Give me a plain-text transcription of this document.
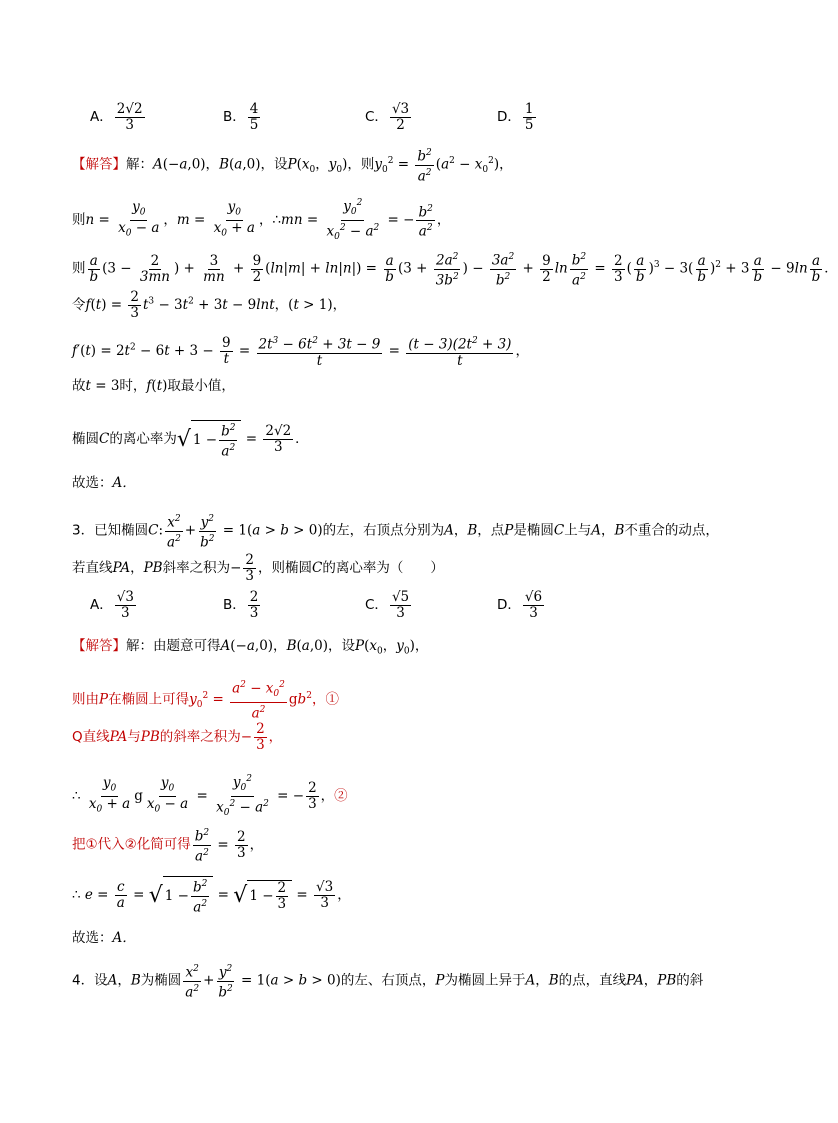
A． $\frac{2√2}{3}$	B． $\frac{4}{5}$	C． $\frac{√3}{2}$	D． $\frac{1}{5}$
【解答】解：A(−a,0)，B(a,0)，设$P(x_0$，$y_0$)，则$y_0^2 = \frac{b^2}{a^2} (a^2 - x_0^2)$，
则$n = \frac{y_0}{x_0 - a}$ ，$m = \frac{y_0}{x_0 + a}$ ，∴mn = $\frac{y_0^2}{x_0^2 - a^2}$ = − $\frac{b^2}{a^2}$ ，
则 $\frac{a}{b} (3 - \frac{2}{3mn}$ ) + $\frac{3}{mn} + \frac{9}{2} (\ln|m| + \ln|n|) = \frac{a}{b} (3 + \frac{2a^2}{3b^2}$ ) − $\frac{3a^2}{b^2} + \frac{9}{2}$ $\ln \frac{b^2}{a^2} = \frac{2}{3}$ ( $\frac{a}{b} )^3 - 3( \frac{a}{b} )^2 + 3 \frac{a}{b} - 9\ln \frac{a}{b}$ ．
令$f(t) = \frac{2}{3} t^3 - 3t^2 + 3t - 9\ln t$，(t > 1)，
$f'(t) = 2t^2 - 6t + 3 - \frac{9}{t} = \frac{2t^3 - 6t^2 + 3t - 9}{t} = \frac{(t - 3)(2t^2 + 3)}{t}$ ，
故t = 3时，f(t)取最小值，
椭圆C的离心率为 √ $1 - \frac{b^2}{a^2} = \frac{2√2}{3}$ ．
故选：A．
3．已知椭圆C: $\frac{x^2}{a^2} + \frac{y^2}{b^2} = 1(a > b > 0)$的左，右顶点分别为A，B，点P是椭圆C上与A，B不重合的动点，
若直线PA，PB斜率之积为− $\frac{2}{3}$ ，则椭圆C的离心率为（　　）
A． $\frac{√3}{3}$	B． $\frac{2}{3}$	C． $\frac{√5}{3}$	D． $\frac{√6}{3}$
【解答】解：由题意可得A(−a,0)，B(a,0)，设$P(x_0$，$y_0$)，
则由P在椭圆上可得$y_0^2 = \frac{a^2 - x_0^2}{a^2} gb^2$，①
Q直线PA与PB的斜率之积为− $\frac{2}{3}$ ，
∴ $\frac{y_0}{x_0 + a}$ g $\frac{y_0}{x_0 - a} = \frac{y_0^2}{x_0^2 - a^2}$ = − $\frac{2}{3}$ ，②
把①代入②化简可得 $\frac{b^2}{a^2} = \frac{2}{3}$ ，
∴ $e = \frac{c}{a}$ = √ $1 - \frac{b^2}{a^2}$ = √ $1 - \frac{2}{3} = \frac{√3}{3}$ ，
故选：A．
4．设A，B为椭圆 $\frac{x^2}{a^2} + \frac{y^2}{b^2} = 1(a > b > 0)$的左、右顶点，P为椭圆上异于A，B的点，直线PA，PB的斜
